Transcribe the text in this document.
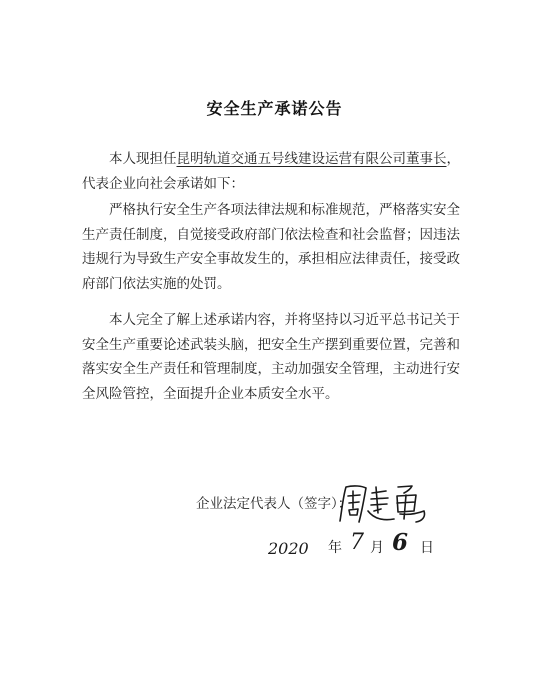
安全生产承诺公告
本人现担任昆明轨道交通五号线建设运营有限公司董事长，代表企业向社会承诺如下：
严格执行安全生产各项法律法规和标准规范，严格落实安全生产责任制度，自觉接受政府部门依法检查和社会监督；因违法违规行为导致生产安全事故发生的，承担相应法律责任，接受政府部门依法实施的处罚。
本人完全了解上述承诺内容，并将坚持以习近平总书记关于安全生产重要论述武装头脑，把安全生产摆到重要位置，完善和落实安全生产责任和管理制度，主动加强安全管理，主动进行安全风险管控，全面提升企业本质安全水平。
企业法定代表人（签字）：
2020 年 7 月 6 日
